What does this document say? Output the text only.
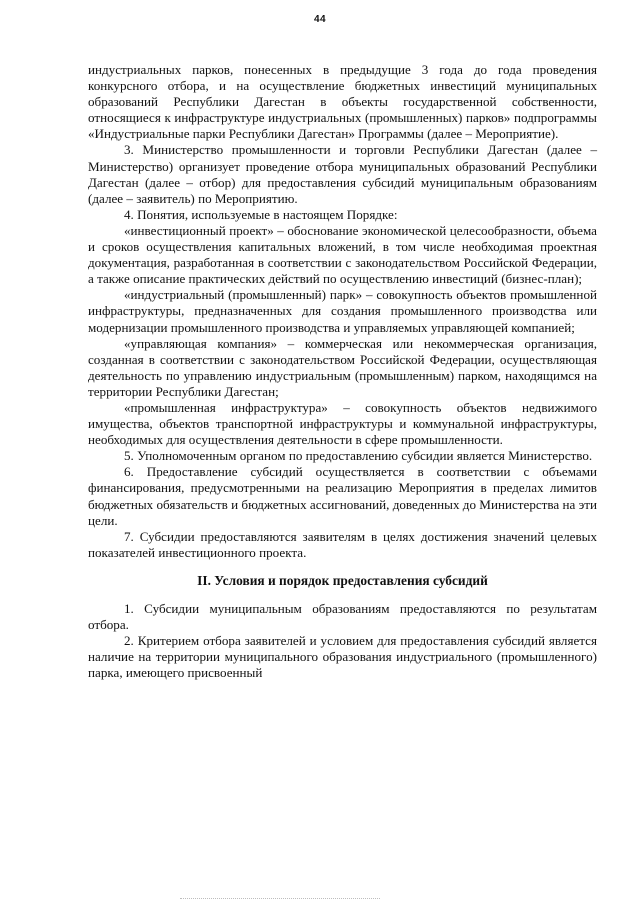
44

индустриальных парков, понесенных в предыдущие 3 года до года проведения конкурсного отбора, и на осуществление бюджетных инвестиций муниципальных образований Республики Дагестан в объекты государственной собственности, относящиеся к инфраструктуре индустриальных (промышленных) парков» подпрограммы «Индустриальные парки Республики Дагестан» Программы (далее – Мероприятие).

3. Министерство промышленности и торговли Республики Дагестан (далее – Министерство) организует проведение отбора муниципальных образований Республики Дагестан (далее – отбор) для предоставления субсидий муниципальным образованиям (далее – заявитель) по Мероприятию.

4. Понятия, используемые в настоящем Порядке:

«инвестиционный проект» – обоснование экономической целесообразности, объема и сроков осуществления капитальных вложений, в том числе необходимая проектная документация, разработанная в соответствии с законодательством Российской Федерации, а также описание практических действий по осуществлению инвестиций (бизнес-план);

«индустриальный (промышленный) парк» – совокупность объектов промышленной инфраструктуры, предназначенных для создания промышленного производства или модернизации промышленного производства и управляемых управляющей компанией;

«управляющая компания» – коммерческая или некоммерческая организация, созданная в соответствии с законодательством Российской Федерации, осуществляющая деятельность по управлению индустриальным (промышленным) парком, находящимся на территории Республики Дагестан;

«промышленная инфраструктура» – совокупность объектов недвижимого имущества, объектов транспортной инфраструктуры и коммунальной инфраструктуры, необходимых для осуществления деятельности в сфере промышленности.

5. Уполномоченным органом по предоставлению субсидии является Министерство.

6. Предоставление субсидий осуществляется в соответствии с объемами финансирования, предусмотренными на реализацию Мероприятия в пределах лимитов бюджетных обязательств и бюджетных ассигнований, доведенных до Министерства на эти цели.

7. Субсидии предоставляются заявителям в целях достижения значений целевых показателей инвестиционного проекта.

II. Условия и порядок предоставления субсидий

1. Субсидии муниципальным образованиям предоставляются по результатам отбора.

2. Критерием отбора заявителей и условием для предоставления субсидий является наличие на территории муниципального образования индустриального (промышленного) парка, имеющего присвоенный
